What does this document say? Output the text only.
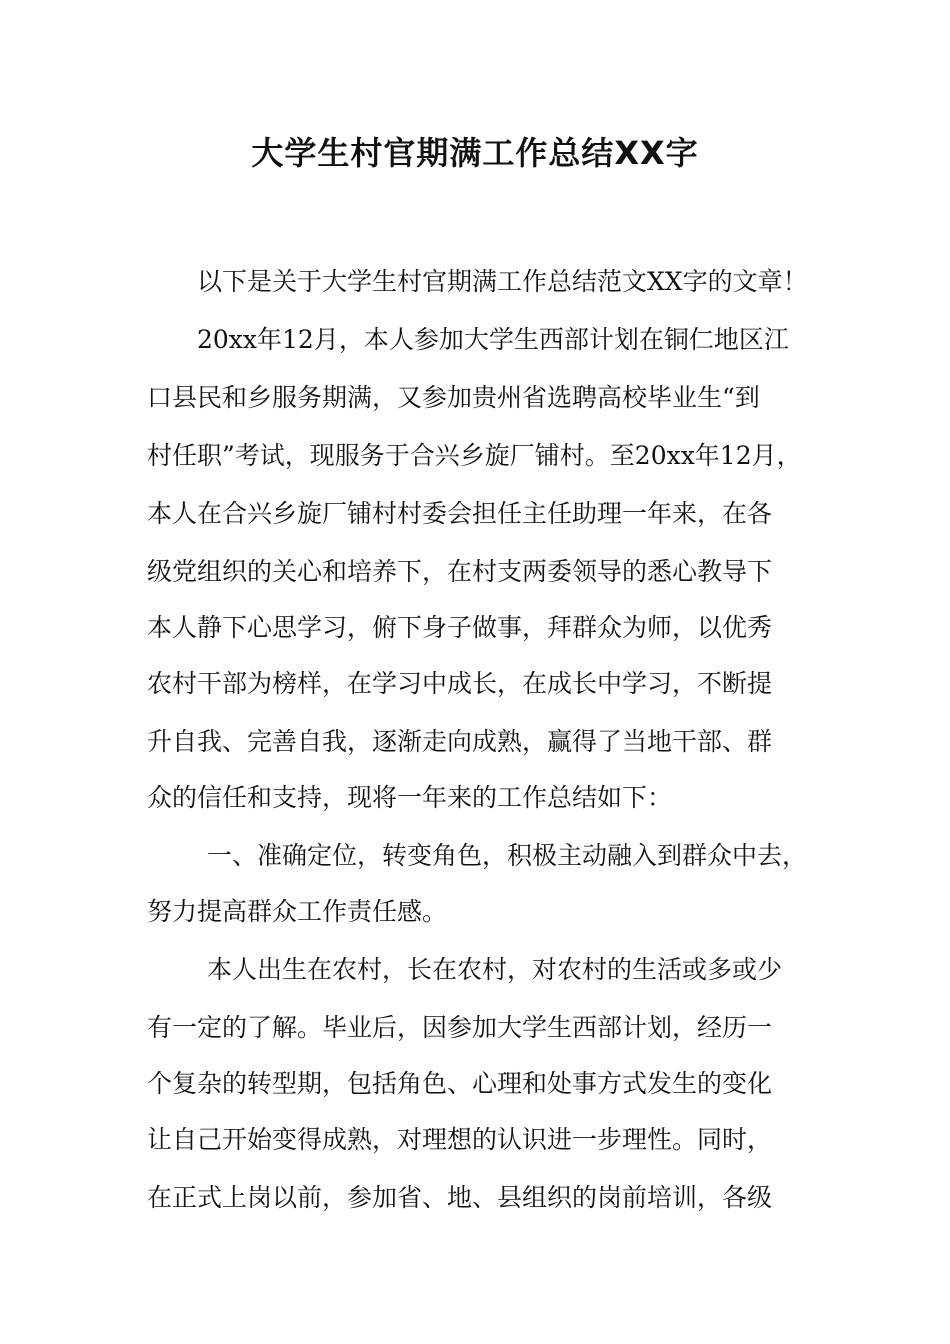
大学生村官期满工作总结XX字
以下是关于大学生村官期满工作总结范文XX字的文章！
20xx年12月，本人参加大学生西部计划在铜仁地区江
口县民和乡服务期满，又参加贵州省选聘高校毕业生“到
村任职”考试，现服务于合兴乡旋厂铺村。至20xx年12月，
本人在合兴乡旋厂铺村村委会担任主任助理一年来，在各
级党组织的关心和培养下，在村支两委领导的悉心教导下
本人静下心思学习，俯下身子做事，拜群众为师，以优秀
农村干部为榜样，在学习中成长，在成长中学习，不断提
升自我、完善自我，逐渐走向成熟，赢得了当地干部、群
众的信任和支持，现将一年来的工作总结如下：
一、准确定位，转变角色，积极主动融入到群众中去，
努力提高群众工作责任感。
本人出生在农村，长在农村，对农村的生活或多或少
有一定的了解。毕业后，因参加大学生西部计划，经历一
个复杂的转型期，包括角色、心理和处事方式发生的变化
让自己开始变得成熟，对理想的认识进一步理性。同时，
在正式上岗以前，参加省、地、县组织的岗前培训，各级
